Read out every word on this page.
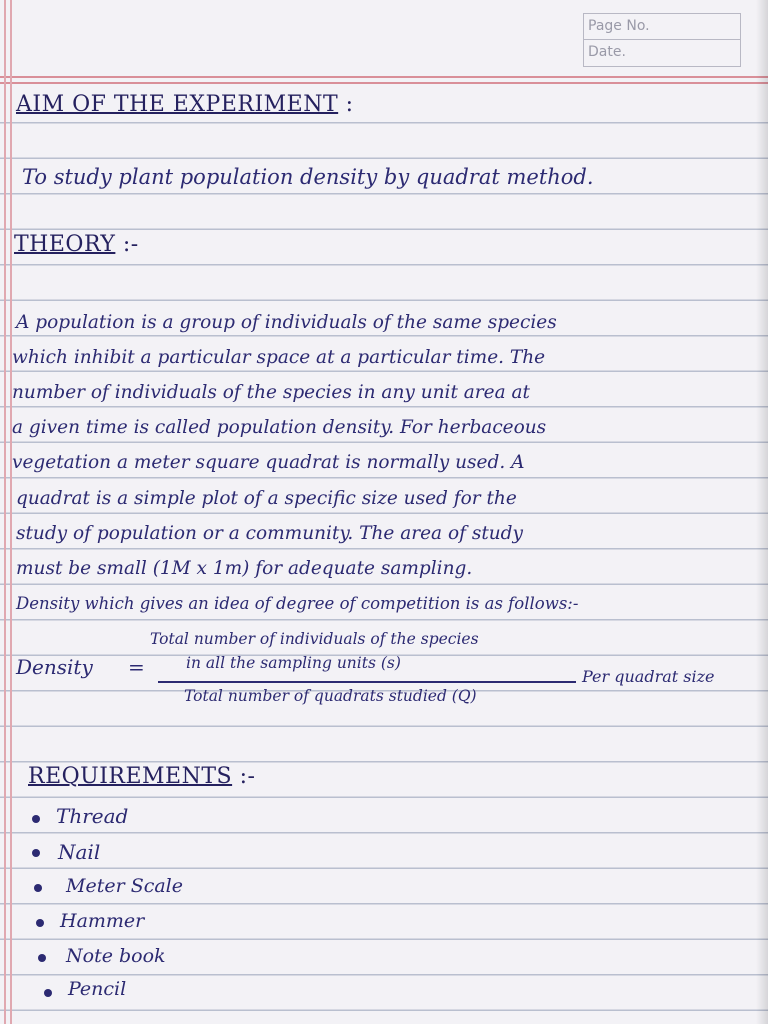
Page No.
Date.
AIM OF THE EXPERIMENT :
To study plant population density by quadrat method.
THEORY :-
A population is a group of individuals of the same species
which inhibit a particular space at a particular time. The
number of individuals of the species in any unit area at
a given time is called population density. For herbaceous
vegetation a meter square quadrat is normally used. A
quadrat is a simple plot of a specific size used for the
study of population or a community. The area of study
must be small (1M x 1m) for adequate sampling.
Density which gives an idea of degree of competition is as follows:-
Density =
Total number of individuals of the species
in all the sampling units (s)
Total number of quadrats studied (Q)
Per quadrat size
REQUIREMENTS :-
Thread
Nail
Meter Scale
Hammer
Note book
Pencil
